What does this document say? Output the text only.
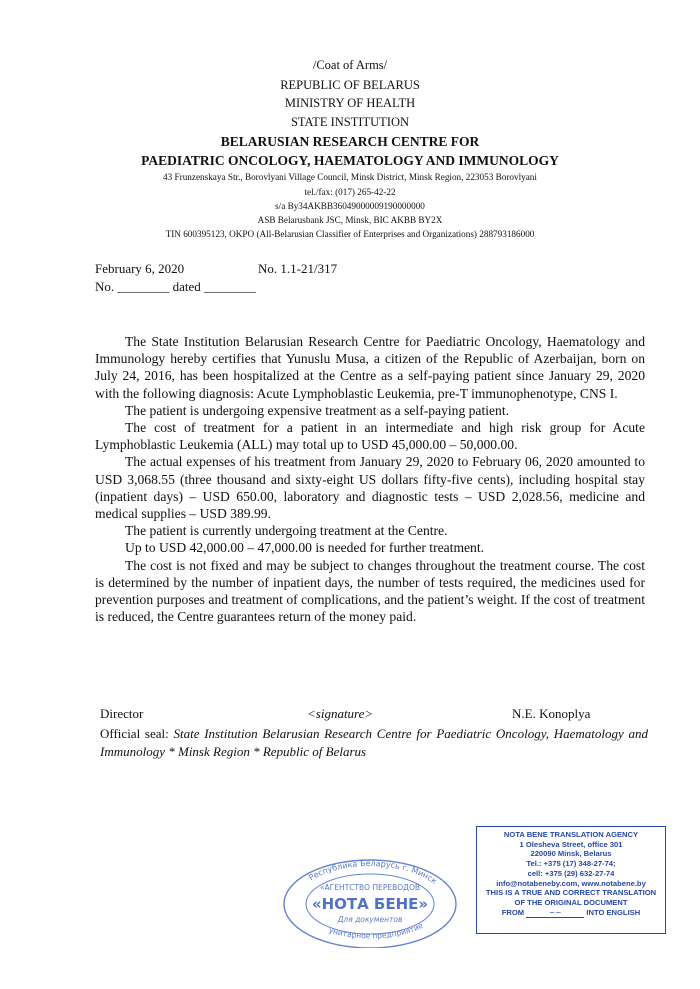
/Coat of Arms/
REPUBLIC OF BELARUS
MINISTRY OF HEALTH
STATE INSTITUTION
BELARUSIAN RESEARCH CENTRE FOR
PAEDIATRIC ONCOLOGY, HAEMATOLOGY AND IMMUNOLOGY
43 Frunzenskaya Str., Borovlyani Village Council, Minsk District, Minsk Region, 223053 Borovlyani
tel./fax: (017) 265-42-22
s/a By34AKBB36049000009190000000
ASB Belarusbank JSC, Minsk, BIC AKBB BY2X
TIN 600395123, OKPO (All-Belarusian Classifier of Enterprises and Organizations) 288793186000
February 6, 2020	No. 1.1-21/317
No. ________ dated ________

The State Institution Belarusian Research Centre for Paediatric Oncology, Haematology and Immunology hereby certifies that Yunuslu Musa, a citizen of the Republic of Azerbaijan, born on July 24, 2016, has been hospitalized at the Centre as a self-paying patient since January 29, 2020 with the following diagnosis: Acute Lymphoblastic Leukemia, pre-T immunophenotype, CNS I.

The patient is undergoing expensive treatment as a self-paying patient.

The cost of treatment for a patient in an intermediate and high risk group for Acute Lymphoblastic Leukemia (ALL) may total up to USD 45,000.00 – 50,000.00.

The actual expenses of his treatment from January 29, 2020 to February 06, 2020 amounted to USD 3,068.55 (three thousand and sixty-eight US dollars fifty-five cents), including hospital stay (inpatient days) – USD 650.00, laboratory and diagnostic tests – USD 2,028.56, medicine and medical supplies – USD 389.99.

The patient is currently undergoing treatment at the Centre.

Up to USD 42,000.00 – 47,000.00 is needed for further treatment.

The cost is not fixed and may be subject to changes throughout the treatment course. The cost is determined by the number of inpatient days, the number of tests required, the medicines used for prevention purposes and treatment of complications, and the patient’s weight. If the cost of treatment is reduced, the Centre guarantees return of the money paid.

Director	<signature>	N.E. Konoplya
Official seal: State Institution Belarusian Research Centre for Paediatric Oncology, Haematology and Immunology * Minsk Region * Republic of Belarus
Республика Беларусь г. Минск
«АГЕНТСТВО ПЕРЕВОДОВ
«НОТА БЕНЕ»
Для документов
унитарное предприятие
NOTA BENE TRANSLATION AGENCY
1 Olesheva Street, office 301
220090 Minsk, Belarus
Tel.: +375 (17) 348-27-74;
cell: +375 (29) 632-27-74
info@notabeneby.com, www.notabene.by
THIS IS A TRUE AND CORRECT TRANSLATION
OF THE ORIGINAL DOCUMENT
FROM	~~	INTO ENGLISH
